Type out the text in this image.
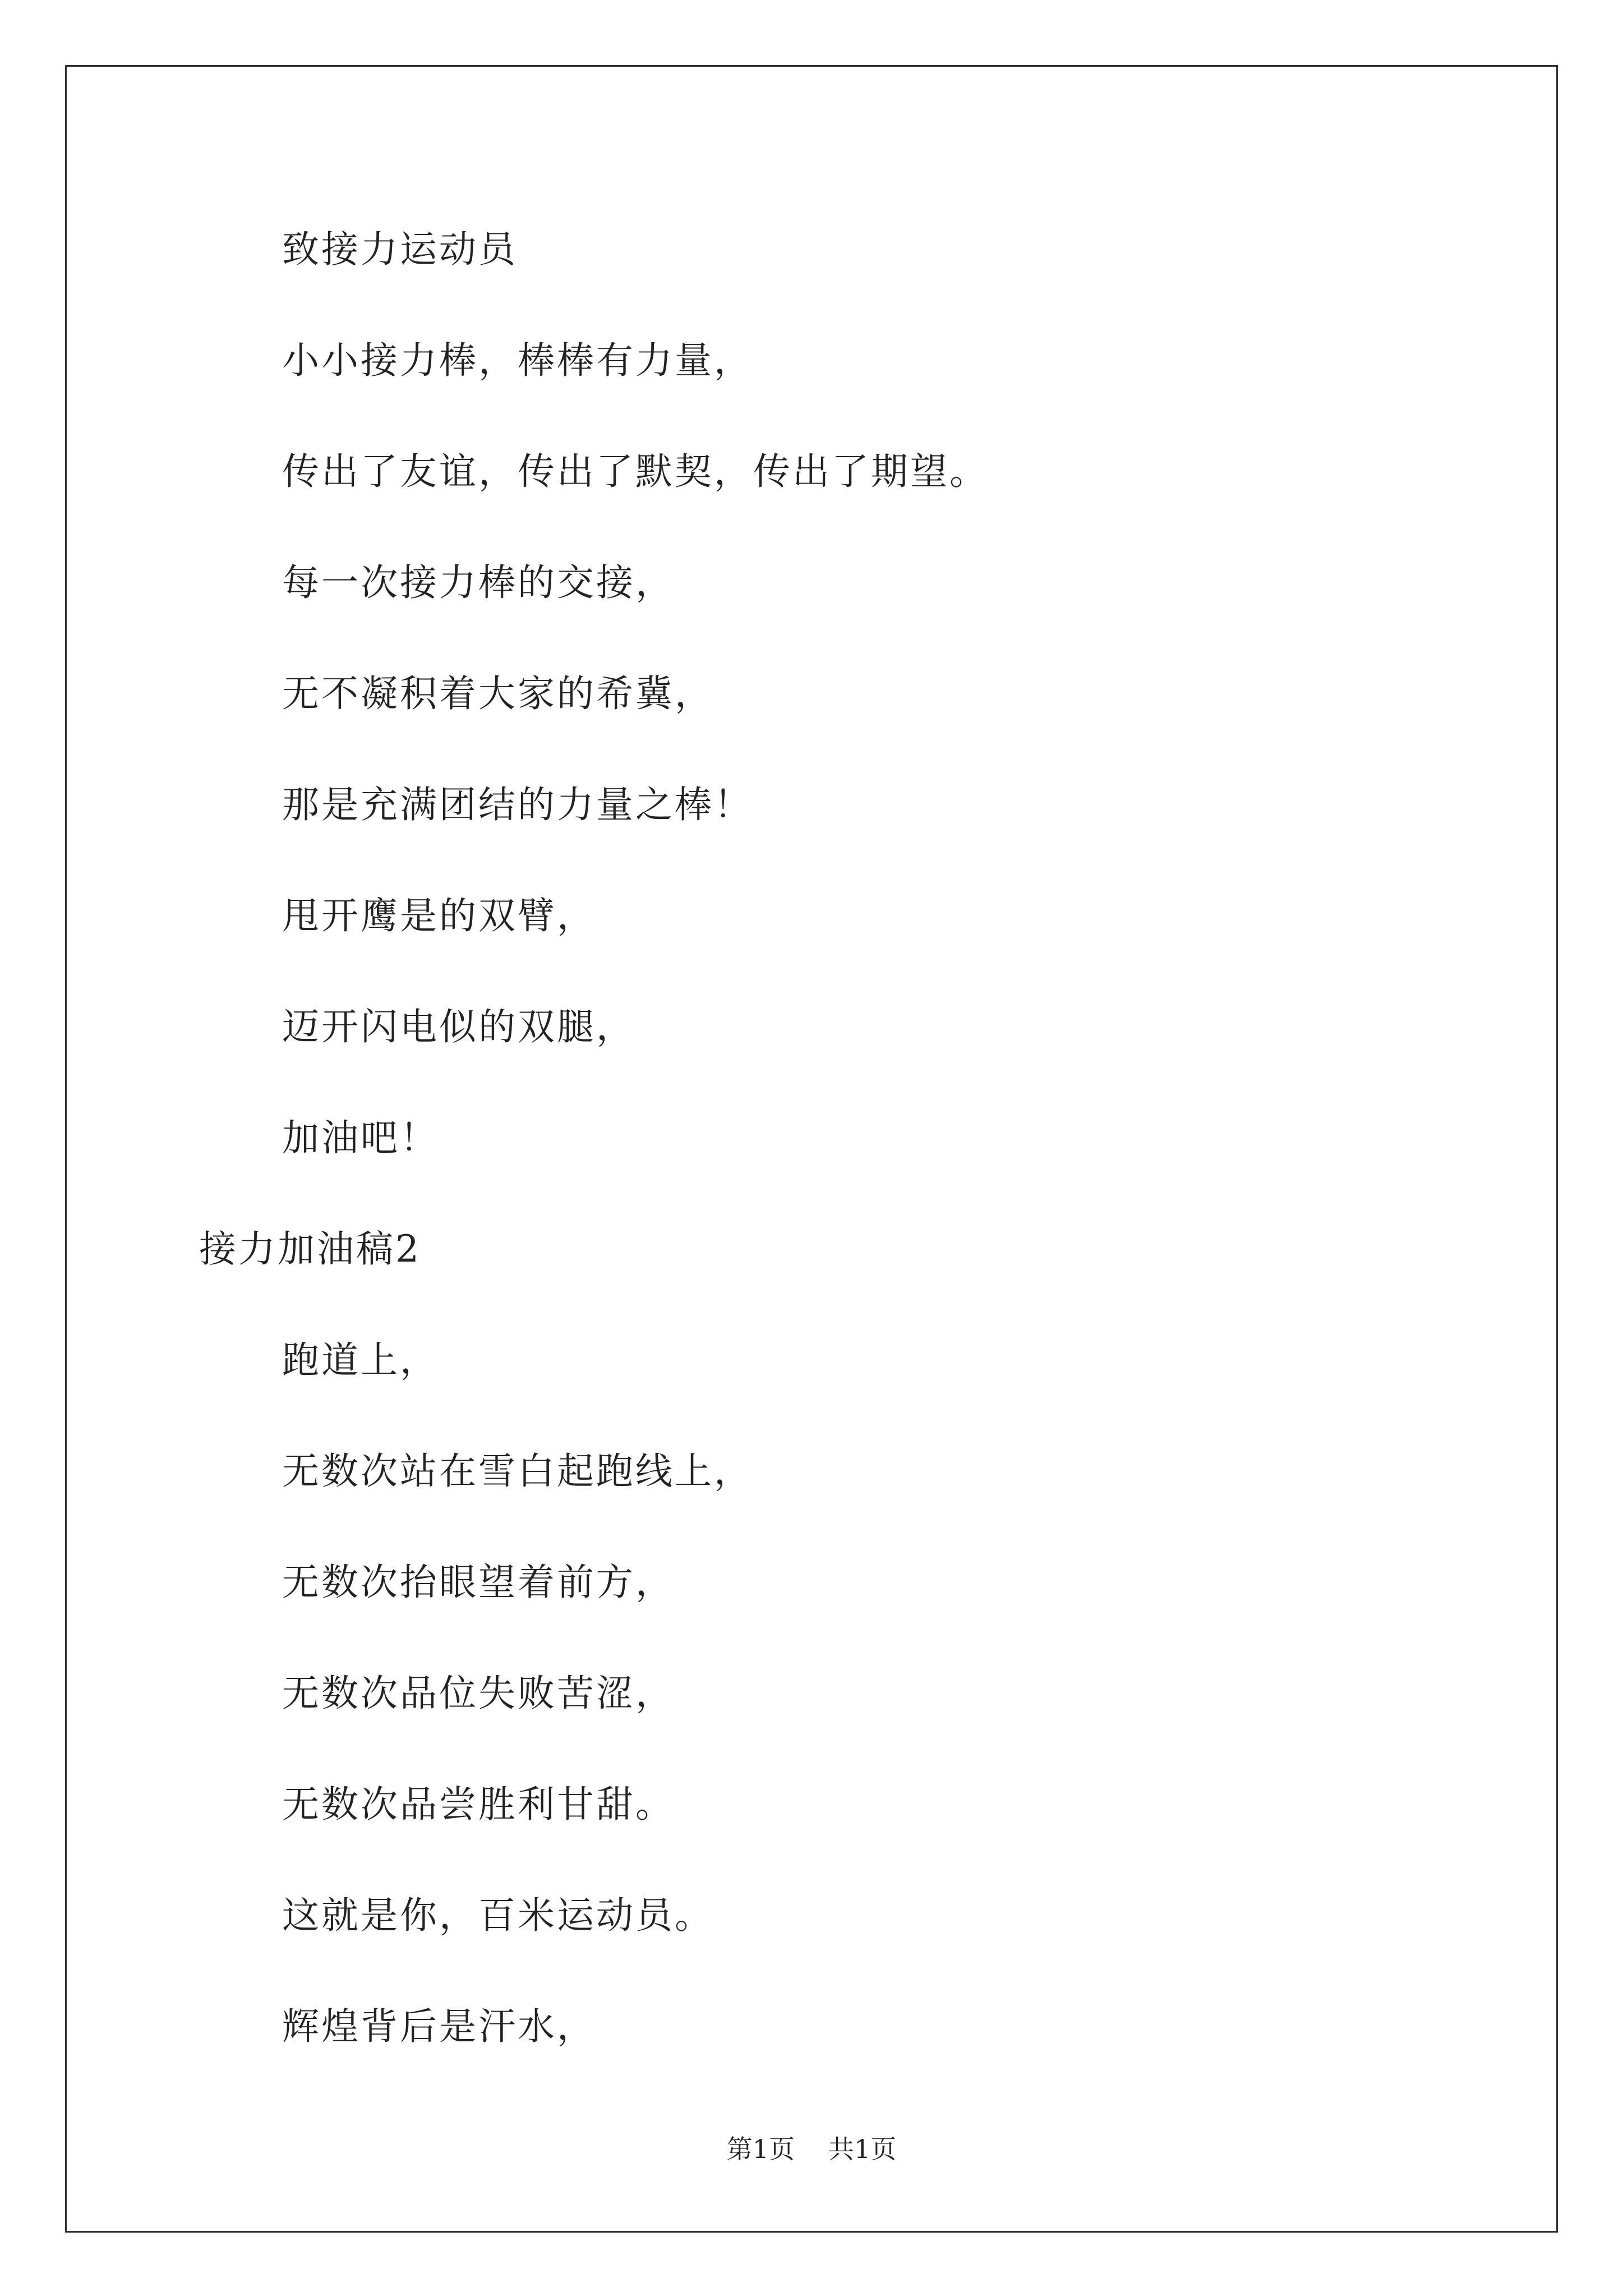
致接力运动员
小小接力棒，棒棒有力量，
传出了友谊，传出了默契，传出了期望。
每一次接力棒的交接，
无不凝积着大家的希冀，
那是充满团结的力量之棒！
甩开鹰是的双臂，
迈开闪电似的双腿，
加油吧！
接力加油稿2
跑道上，
无数次站在雪白起跑线上，
无数次抬眼望着前方，
无数次品位失败苦涩，
无数次品尝胜利甘甜。
这就是你，百米运动员。
辉煌背后是汗水，
第1页 共1页
